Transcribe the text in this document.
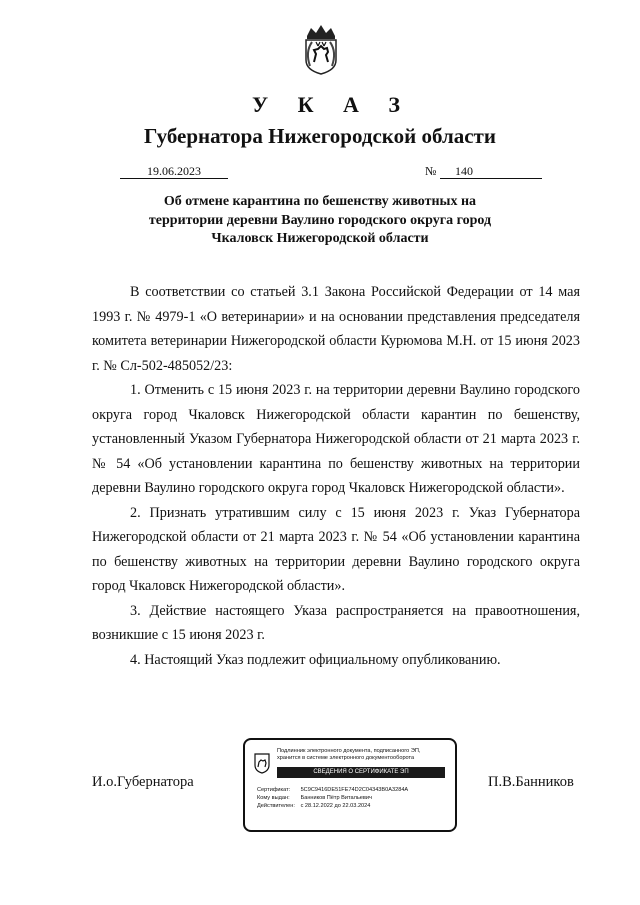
У К А З
Губернатора Нижегородской области
19.06.2023	№ 140
Об отмене карантина по бешенству животных на
территории деревни Ваулино городского округа город
Чкаловск Нижегородской области

В соответствии со статьей 3.1 Закона Российской Федерации от 14 мая 1993 г. № 4979-1 «О ветеринарии» и на основании представления председателя комитета ветеринарии Нижегородской области Курюмова М.Н. от 15 июня 2023 г. № Сл-502-485052/23:

1. Отменить с 15 июня 2023 г. на территории деревни Ваулино городского округа город Чкаловск Нижегородской области карантин по бешенству, установленный Указом Губернатора Нижегородской области от 21 марта 2023 г. № 54 «Об установлении карантина по бешенству животных на территории деревни Ваулино городского округа город Чкаловск Нижегородской области».

2. Признать утратившим силу с 15 июня 2023 г. Указ Губернатора Нижегородской области от 21 марта 2023 г. № 54 «Об установлении карантина по бешенству животных на территории деревни Ваулино городского округа город Чкаловск Нижегородской области».

3. Действие настоящего Указа распространяется на правоотношения, возникшие с 15 июня 2023 г.

4. Настоящий Указ подлежит официальному опубликованию.

И.о.Губернатора	П.В.Банников
Подлинник электронного документа, подписанного ЭП,
хранится в системе электронного документооборота
СВЕДЕНИЯ О СЕРТИФИКАТЕ ЭП
Сертификат: 5C9C9416DE51FE74D2C04343B0A3284A
Кому выдан: Банников Пётр Витальевич
Действителен: с 28.12.2022 до 22.03.2024
